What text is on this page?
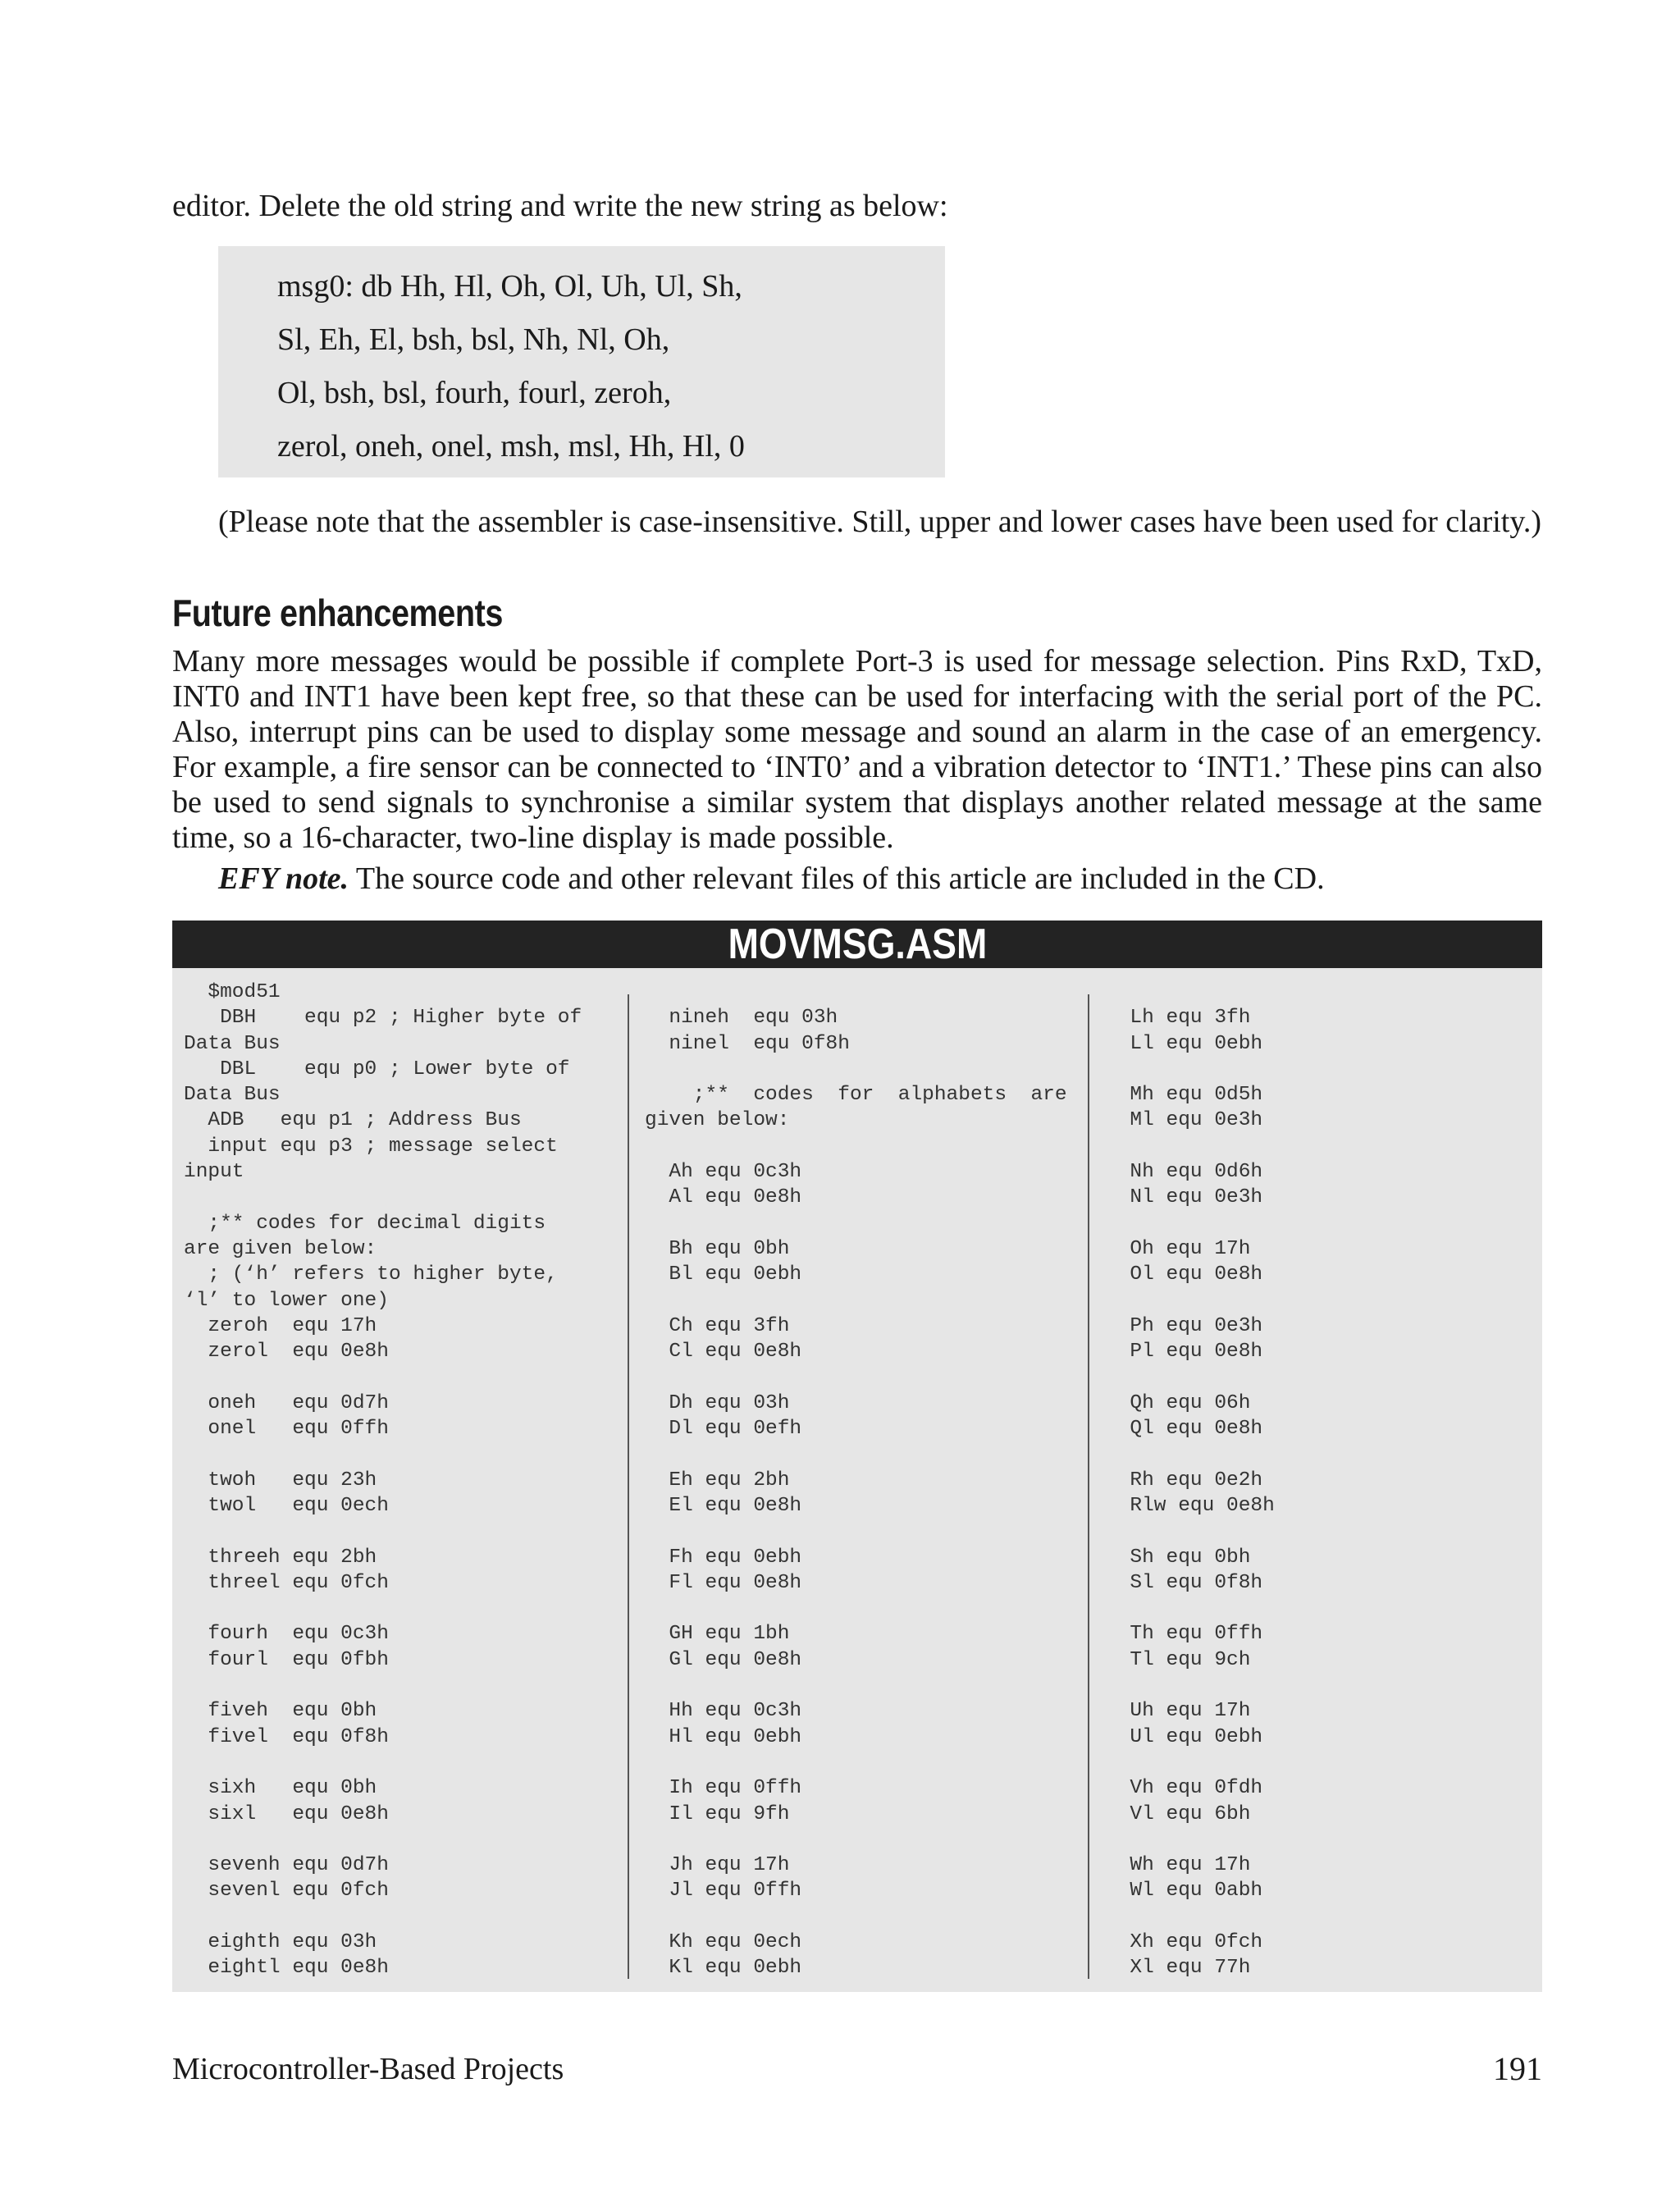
editor. Delete the old string and write the new string as below:

msg0: db Hh, Hl, Oh, Ol, Uh, Ul, Sh,
Sl, Eh, El, bsh, bsl, Nh, Nl, Oh,
Ol, bsh, bsl, fourh, fourl, zeroh,
zerol, oneh, onel, msh, msl, Hh, Hl, 0

(Please note that the assembler is case-insensitive. Still, upper and lower cases have been used for clarity.)

Future enhancements

Many more messages would be possible if complete Port-3 is used for message selection. Pins RxD, TxD, INT0 and INT1 have been kept free, so that these can be used for interfacing with the serial port of the PC. Also, interrupt pins can be used to display some message and sound an alarm in the case of an emergency. For example, a fire sensor can be connected to ‘INT0’ and a vibration detector to ‘INT1.’ These pins can also be used to send signals to synchronise a similar system that displays another related message at the same time, so a 16-character, two-line display is made possible.

EFY note. The source code and other relevant files of this article are included in the CD.

MOVMSG.ASM
$mod51
DBH    equ p2 ; Higher byte of
Data Bus
DBL    equ p0 ; Lower byte of
Data Bus
ADB   equ p1 ; Address Bus
input equ p3 ; message select
input
;** codes for decimal digits
are given below:
; (‘h’ refers to higher byte,
‘l’ to lower one)
zeroh  equ 17h
zerol  equ 0e8h
oneh   equ 0d7h
onel   equ 0ffh
twoh   equ 23h
twol   equ 0ech
threeh equ 2bh
threel equ 0fch
fourh  equ 0c3h
fourl  equ 0fbh
fiveh  equ 0bh
fivel  equ 0f8h
sixh   equ 0bh
sixl   equ 0e8h
sevenh equ 0d7h
sevenl equ 0fch
eighth equ 03h
eightl equ 0e8h
nineh  equ 03h
ninel  equ 0f8h
;**  codes  for  alphabets  are
given below:
Ah equ 0c3h
Al equ 0e8h
Bh equ 0bh
Bl equ 0ebh
Ch equ 3fh
Cl equ 0e8h
Dh equ 03h
Dl equ 0efh
Eh equ 2bh
El equ 0e8h
Fh equ 0ebh
Fl equ 0e8h
GH equ 1bh
Gl equ 0e8h
Hh equ 0c3h
Hl equ 0ebh
Ih equ 0ffh
Il equ 9fh
Jh equ 17h
Jl equ 0ffh
Kh equ 0ech
Kl equ 0ebh
Lh equ 3fh
Ll equ 0ebh
Mh equ 0d5h
Ml equ 0e3h
Nh equ 0d6h
Nl equ 0e3h
Oh equ 17h
Ol equ 0e8h
Ph equ 0e3h
Pl equ 0e8h
Qh equ 06h
Ql equ 0e8h
Rh equ 0e2h
Rlw equ 0e8h
Sh equ 0bh
Sl equ 0f8h
Th equ 0ffh
Tl equ 9ch
Uh equ 17h
Ul equ 0ebh
Vh equ 0fdh
Vl equ 6bh
Wh equ 17h
Wl equ 0abh
Xh equ 0fch
Xl equ 77h
Microcontroller-Based Projects	191
